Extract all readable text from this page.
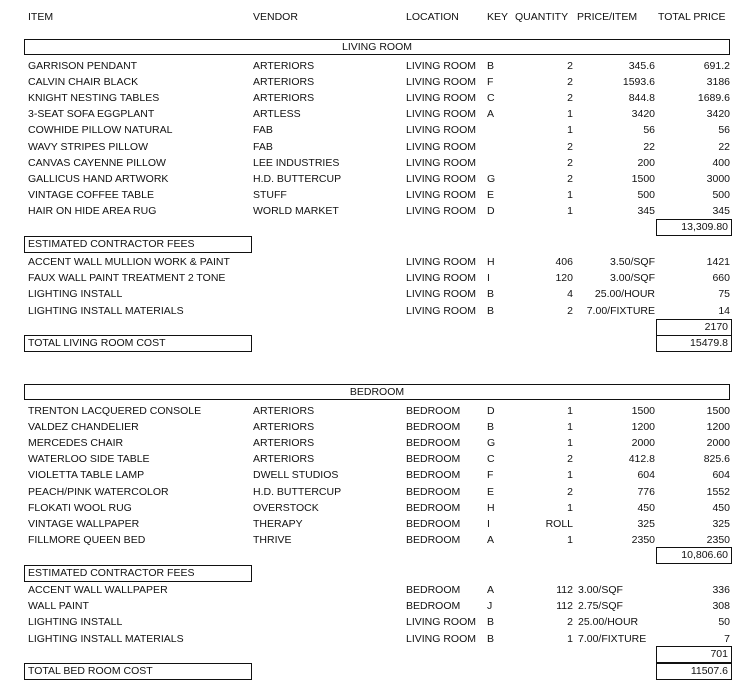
ITEM	VENDOR	LOCATION	KEY QUANTITY PRICE/ITEM TOTAL PRICE
LIVING ROOM
GARRISON PENDANT	ARTERIORS	LIVING ROOM B	2	345.6	691.2
CALVIN CHAIR BLACK	ARTERIORS	LIVING ROOM F	2	1593.6	3186
KNIGHT NESTING TABLES	ARTERIORS	LIVING ROOM C	2	844.8	1689.6
3-SEAT SOFA EGGPLANT	ARTLESS	LIVING ROOM A	1	3420	3420
COWHIDE PILLOW NATURAL	FAB	LIVING ROOM	1	56	56
WAVY STRIPES PILLOW	FAB	LIVING ROOM	2	22	22
CANVAS CAYENNE PILLOW	LEE INDUSTRIES	LIVING ROOM	2	200	400
GALLICUS HAND ARTWORK	H.D. BUTTERCUP	LIVING ROOM G	2	1500	3000
VINTAGE COFFEE TABLE	STUFF	LIVING ROOM E	1	500	500
HAIR ON HIDE AREA RUG	WORLD MARKET	LIVING ROOM D	1	345	345
13,309.80
ESTIMATED CONTRACTOR FEES
ACCENT WALL MULLION WORK & PAINT	LIVING ROOM H	406	3.50/SQF	1421
FAUX WALL PAINT TREATMENT 2 TONE	LIVING ROOM I	120	3.00/SQF	660
LIGHTING INSTALL	LIVING ROOM B	4	25.00/HOUR	75
LIGHTING INSTALL MATERIALS	LIVING ROOM B	2	7.00/FIXTURE	14
2170
TOTAL LIVING ROOM COST	15479.8
BEDROOM
TRENTON LACQUERED CONSOLE	ARTERIORS	BEDROOM	D	1	1500	1500
VALDEZ CHANDELIER	ARTERIORS	BEDROOM	B	1	1200	1200
MERCEDES CHAIR	ARTERIORS	BEDROOM	G	1	2000	2000
WATERLOO SIDE TABLE	ARTERIORS	BEDROOM	C	2	412.8	825.6
VIOLETTA TABLE LAMP	DWELL STUDIOS	BEDROOM	F	1	604	604
PEACH/PINK WATERCOLOR	H.D. BUTTERCUP	BEDROOM	E	2	776	1552
FLOKATI WOOL RUG	OVERSTOCK	BEDROOM	H	1	450	450
VINTAGE WALLPAPER	THERAPY	BEDROOM	I	ROLL	325	325
FILLMORE QUEEN BED	THRIVE	BEDROOM	A	1	2350	2350
10,806.60
ESTIMATED CONTRACTOR FEES
ACCENT WALL WALLPAPER	BEDROOM	A	112 3.00/SQF	336
WALL PAINT	BEDROOM	J	112 2.75/SQF	308
LIGHTING INSTALL	LIVING ROOM B	2 25.00/HOUR	50
LIGHTING INSTALL MATERIALS	LIVING ROOM B	1 7.00/FIXTURE	7
701
TOTAL BED ROOM COST	11507.6
